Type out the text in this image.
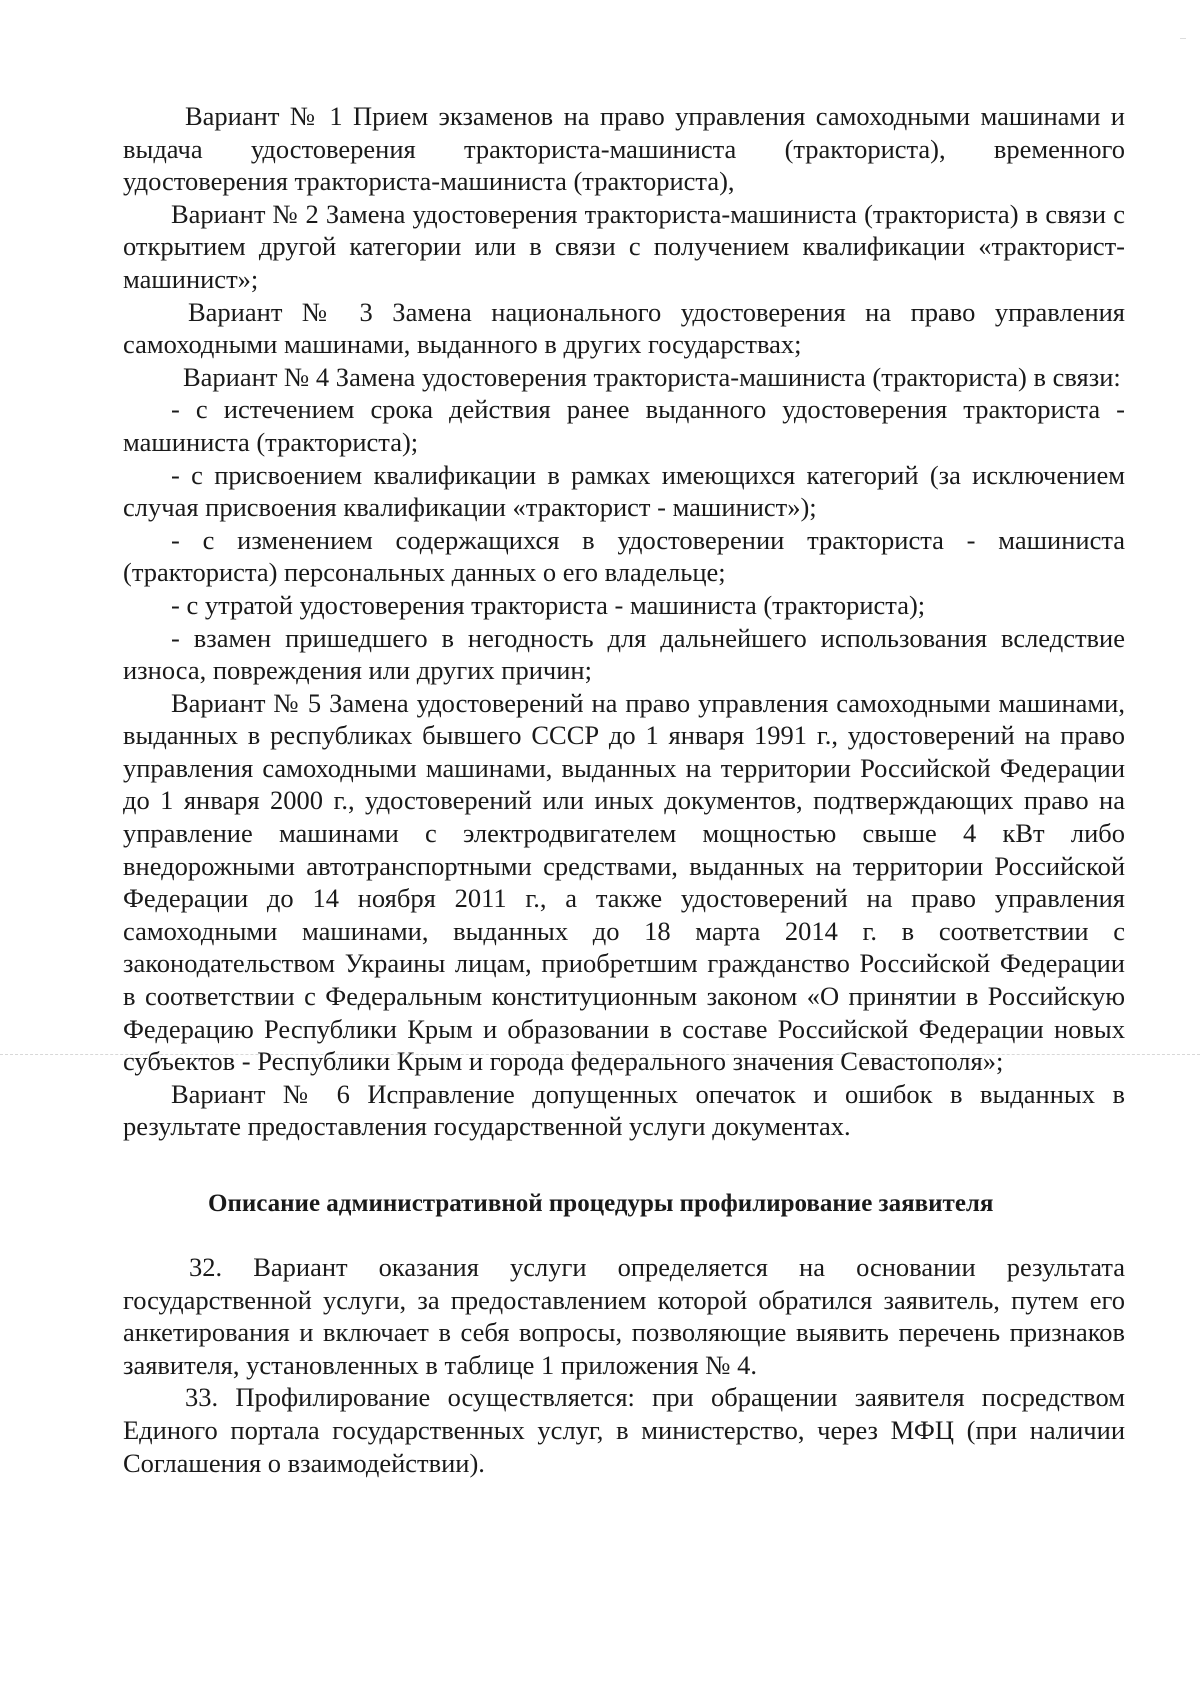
Вариант № 1 Прием экзаменов на право управления самоходными машинами и выдача удостоверения тракториста-машиниста (тракториста), временного удостоверения тракториста-машиниста (тракториста),

Вариант № 2 Замена удостоверения тракториста-машиниста (тракториста) в связи с открытием другой категории или в связи с получением квалификации «тракторист-машинист»;

Вариант № 3 Замена национального удостоверения на право управления самоходными машинами, выданного в других государствах;

Вариант № 4 Замена удостоверения тракториста-машиниста (тракториста) в связи:

- с истечением срока действия ранее выданного удостоверения тракториста - машиниста (тракториста);

- с присвоением квалификации в рамках имеющихся категорий (за исключением случая присвоения квалификации «тракторист - машинист»);

- с изменением содержащихся в удостоверении тракториста - машиниста (тракториста) персональных данных о его владельце;

- с утратой удостоверения тракториста - машиниста (тракториста);

- взамен пришедшего в негодность для дальнейшего использования вследствие износа, повреждения или других причин;

Вариант № 5 Замена удостоверений на право управления самоходными машинами, выданных в республиках бывшего СССР до 1 января 1991 г., удостоверений на право управления самоходными машинами, выданных на территории Российской Федерации до 1 января 2000 г., удостоверений или иных документов, подтверждающих право на управление машинами с электродвигателем мощностью свыше 4 кВт либо внедорожными автотранспортными средствами, выданных на территории Российской Федерации до 14 ноября 2011 г., а также удостоверений на право управления самоходными машинами, выданных до 18 марта 2014 г. в соответствии с законодательством Украины лицам, приобретшим гражданство Российской Федерации в соответствии с Федеральным конституционным законом «О принятии в Российскую Федерацию Республики Крым и образовании в составе Российской Федерации новых субъектов - Республики Крым и города федерального значения Севастополя»;

Вариант № 6 Исправление допущенных опечаток и ошибок в выданных в результате предоставления государственной услуги документах.

Описание административной процедуры профилирование заявителя

32. Вариант оказания услуги определяется на основании результата государственной услуги, за предоставлением которой обратился заявитель, путем его анкетирования и включает в себя вопросы, позволяющие выявить перечень признаков заявителя, установленных в таблице 1 приложения № 4.

33. Профилирование осуществляется: при обращении заявителя посредством Единого портала государственных услуг, в министерство, через МФЦ (при наличии Соглашения о взаимодействии).
